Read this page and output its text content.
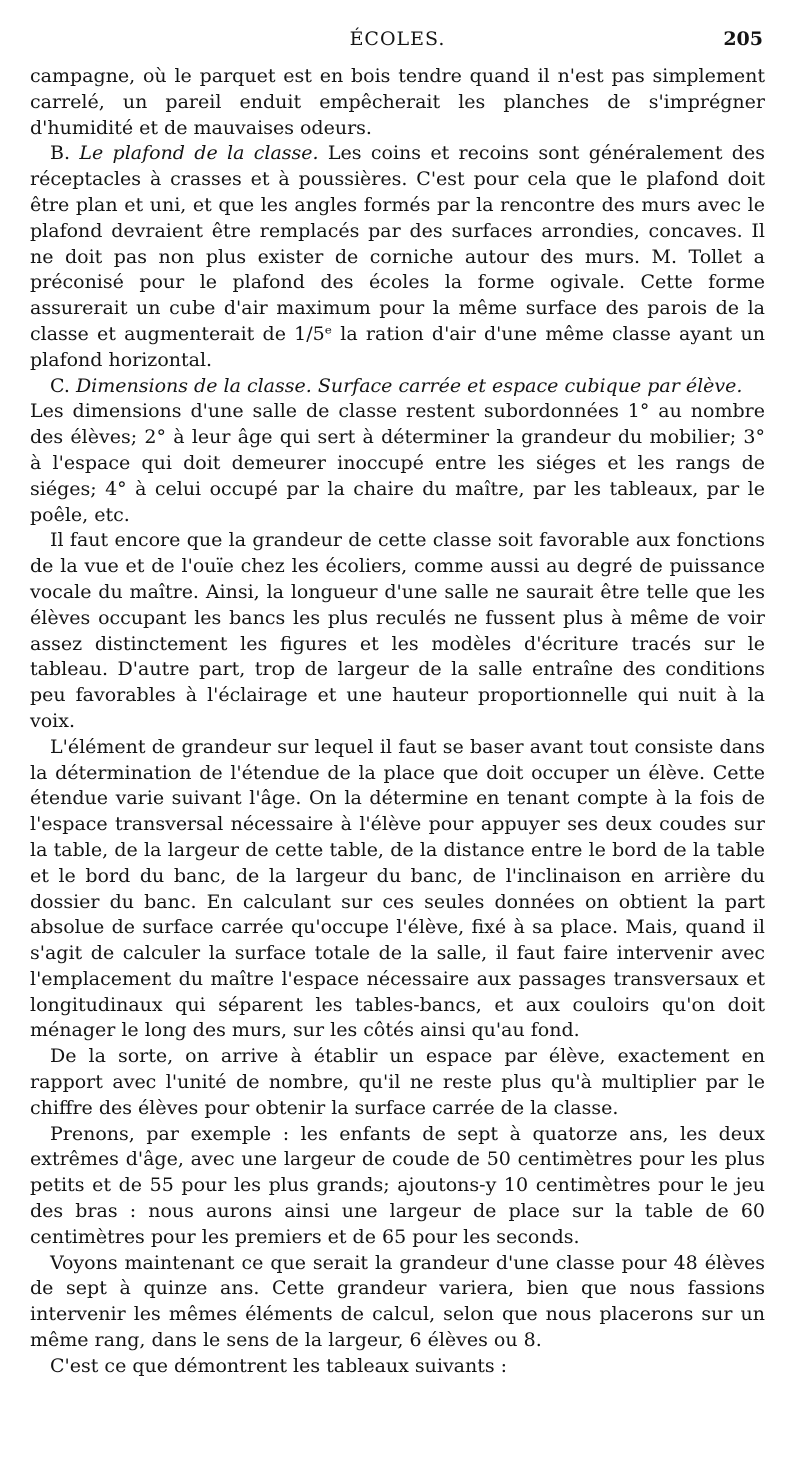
ÉCOLES.	205

campagne, où le parquet est en bois tendre quand il n'est pas simplement carrelé, un pareil enduit empêcherait les planches de s'imprégner d'humidité et de mauvaises odeurs.

B. Le plafond de la classe. Les coins et recoins sont généralement des réceptacles à crasses et à poussières. C'est pour cela que le plafond doit être plan et uni, et que les angles formés par la rencontre des murs avec le plafond devraient être remplacés par des surfaces arrondies, concaves. Il ne doit pas non plus exister de corniche autour des murs. M. Tollet a préconisé pour le plafond des écoles la forme ogivale. Cette forme assurerait un cube d'air maximum pour la même surface des parois de la classe et augmenterait de 1/5ᵉ la ration d'air d'une même classe ayant un plafond horizontal.

C. Dimensions de la classe. Surface carrée et espace cubique par élève.

Les dimensions d'une salle de classe restent subordonnées 1° au nombre des élèves; 2° à leur âge qui sert à déterminer la grandeur du mobilier; 3° à l'espace qui doit demeurer inoccupé entre les siéges et les rangs de siéges; 4° à celui occupé par la chaire du maître, par les tableaux, par le poêle, etc.

Il faut encore que la grandeur de cette classe soit favorable aux fonctions de la vue et de l'ouïe chez les écoliers, comme aussi au degré de puissance vocale du maître. Ainsi, la longueur d'une salle ne saurait être telle que les élèves occupant les bancs les plus reculés ne fussent plus à même de voir assez distinctement les figures et les modèles d'écriture tracés sur le tableau. D'autre part, trop de largeur de la salle entraîne des conditions peu favorables à l'éclairage et une hauteur proportionnelle qui nuit à la voix.

L'élément de grandeur sur lequel il faut se baser avant tout consiste dans la détermination de l'étendue de la place que doit occuper un élève. Cette étendue varie suivant l'âge. On la détermine en tenant compte à la fois de l'espace transversal nécessaire à l'élève pour appuyer ses deux coudes sur la table, de la largeur de cette table, de la distance entre le bord de la table et le bord du banc, de la largeur du banc, de l'inclinaison en arrière du dossier du banc. En calculant sur ces seules données on obtient la part absolue de surface carrée qu'occupe l'élève, fixé à sa place. Mais, quand il s'agit de calculer la surface totale de la salle, il faut faire intervenir avec l'emplacement du maître l'espace nécessaire aux passages transversaux et longitudinaux qui séparent les tables-bancs, et aux couloirs qu'on doit ménager le long des murs, sur les côtés ainsi qu'au fond.

De la sorte, on arrive à établir un espace par élève, exactement en rapport avec l'unité de nombre, qu'il ne reste plus qu'à multiplier par le chiffre des élèves pour obtenir la surface carrée de la classe.

Prenons, par exemple : les enfants de sept à quatorze ans, les deux extrêmes d'âge, avec une largeur de coude de 50 centimètres pour les plus petits et de 55 pour les plus grands; ajoutons-y 10 centimètres pour le jeu des bras : nous aurons ainsi une largeur de place sur la table de 60 centimètres pour les premiers et de 65 pour les seconds.

Voyons maintenant ce que serait la grandeur d'une classe pour 48 élèves de sept à quinze ans. Cette grandeur variera, bien que nous fassions intervenir les mêmes éléments de calcul, selon que nous placerons sur un même rang, dans le sens de la largeur, 6 élèves ou 8.

C'est ce que démontrent les tableaux suivants :
